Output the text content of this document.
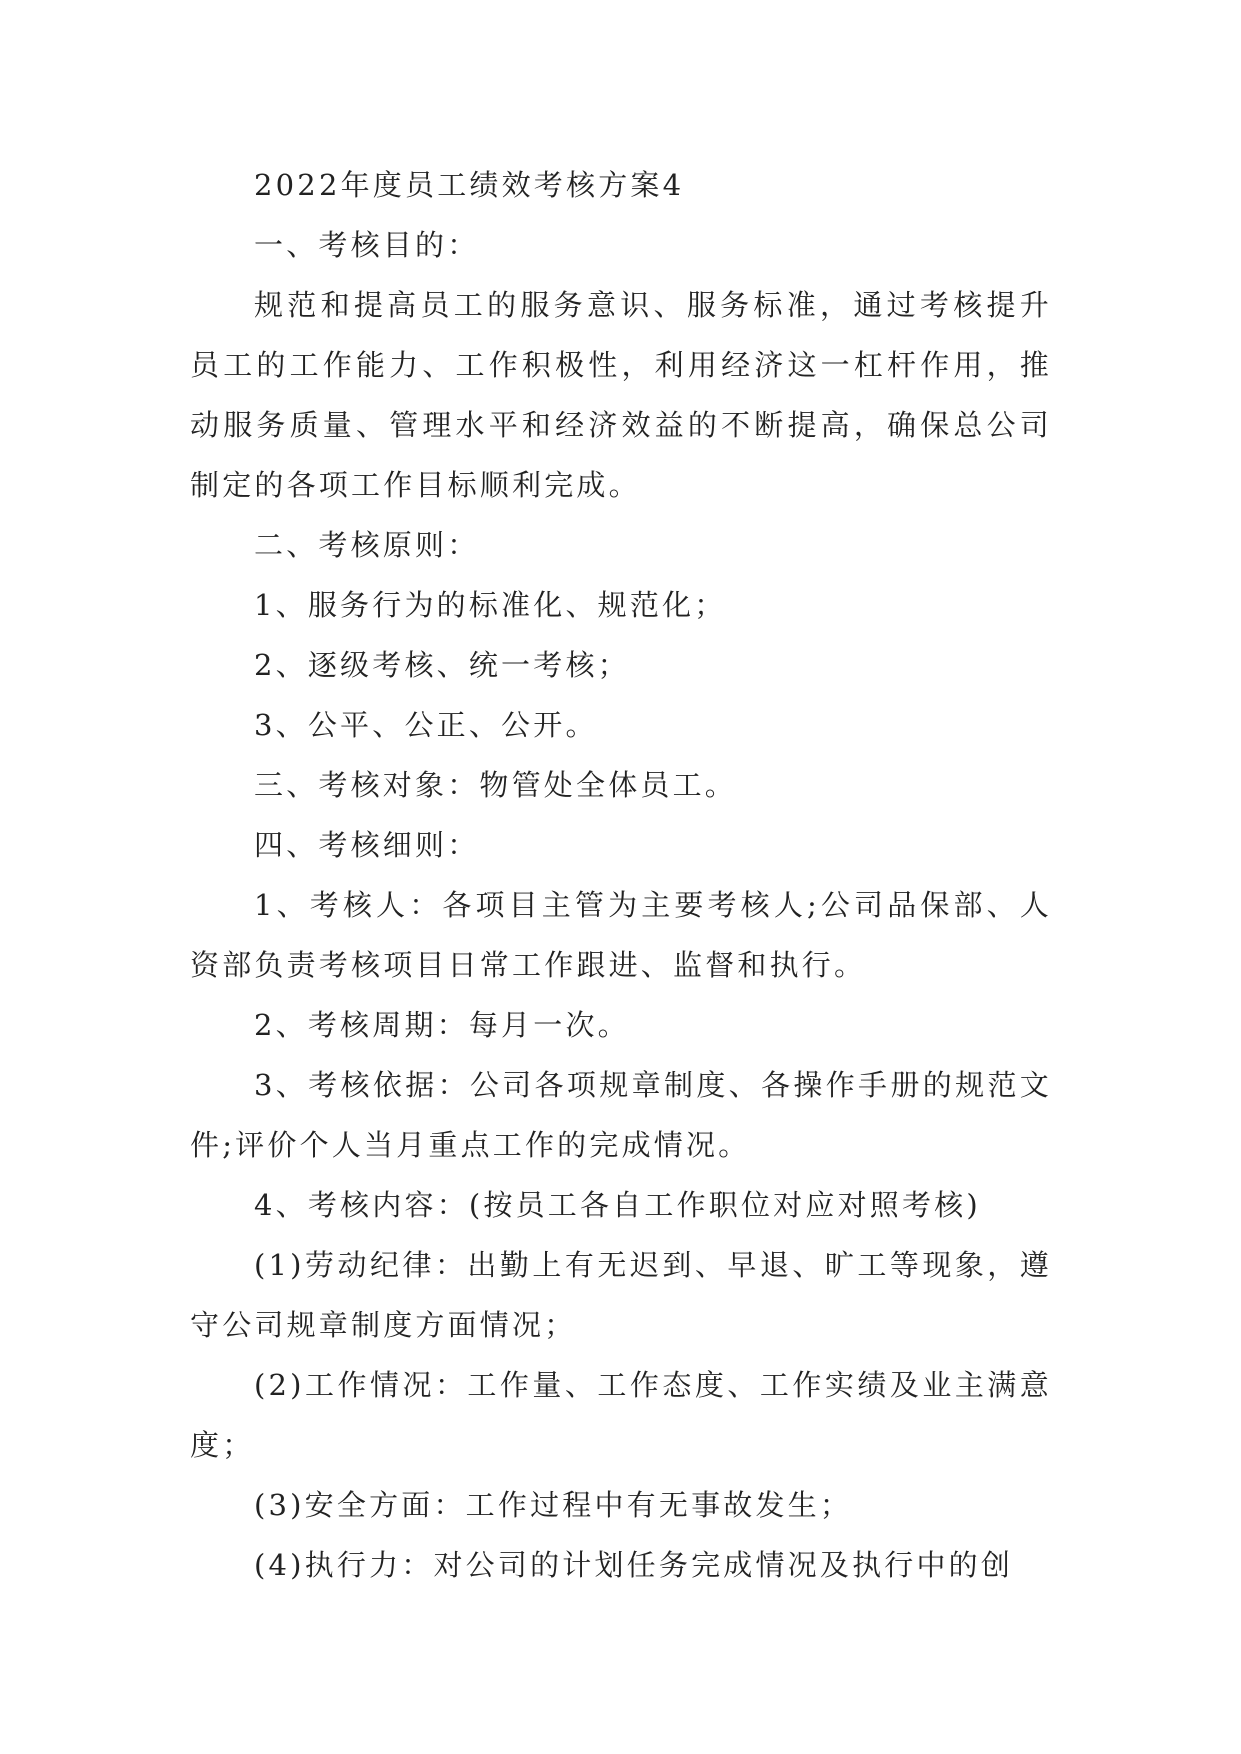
2022年度员工绩效考核方案4

一、考核目的：

规范和提高员工的服务意识、服务标准，通过考核提升员工的工作能力、工作积极性，利用经济这一杠杆作用，推动服务质量、管理水平和经济效益的不断提高，确保总公司制定的各项工作目标顺利完成。

二、考核原则：

1、服务行为的标准化、规范化；

2、逐级考核、统一考核；

3、公平、公正、公开。

三、考核对象：物管处全体员工。

四、考核细则：

1、考核人：各项目主管为主要考核人;公司品保部、人资部负责考核项目日常工作跟进、监督和执行。

2、考核周期：每月一次。

3、考核依据：公司各项规章制度、各操作手册的规范文件;评价个人当月重点工作的完成情况。

4、考核内容：(按员工各自工作职位对应对照考核)

(1)劳动纪律：出勤上有无迟到、早退、旷工等现象，遵守公司规章制度方面情况；

(2)工作情况：工作量、工作态度、工作实绩及业主满意度；

(3)安全方面：工作过程中有无事故发生；

(4)执行力：对公司的计划任务完成情况及执行中的创
